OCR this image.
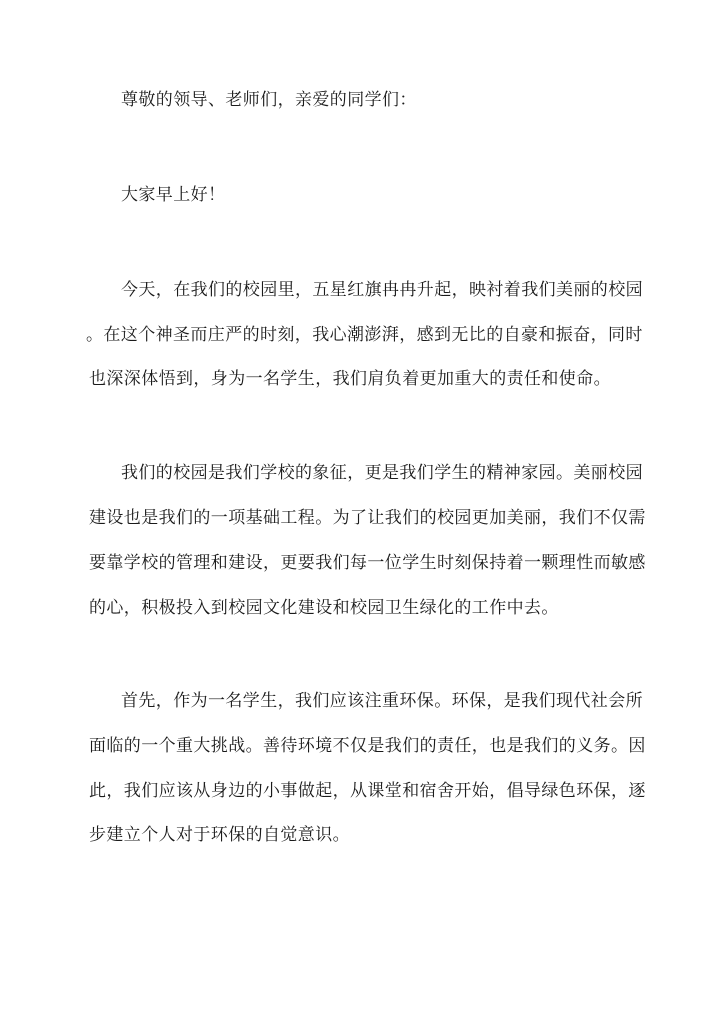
尊敬的领导、老师们，亲爱的同学们：
大家早上好！
今天，在我们的校园里，五星红旗冉冉升起，映衬着我们美丽的校园
。在这个神圣而庄严的时刻，我心潮澎湃，感到无比的自豪和振奋，同时
也深深体悟到，身为一名学生，我们肩负着更加重大的责任和使命。
我们的校园是我们学校的象征，更是我们学生的精神家园。美丽校园
建设也是我们的一项基础工程。为了让我们的校园更加美丽，我们不仅需
要靠学校的管理和建设，更要我们每一位学生时刻保持着一颗理性而敏感
的心，积极投入到校园文化建设和校园卫生绿化的工作中去。
首先，作为一名学生，我们应该注重环保。环保，是我们现代社会所
面临的一个重大挑战。善待环境不仅是我们的责任，也是我们的义务。因
此，我们应该从身边的小事做起，从课堂和宿舍开始，倡导绿色环保，逐
步建立个人对于环保的自觉意识。
